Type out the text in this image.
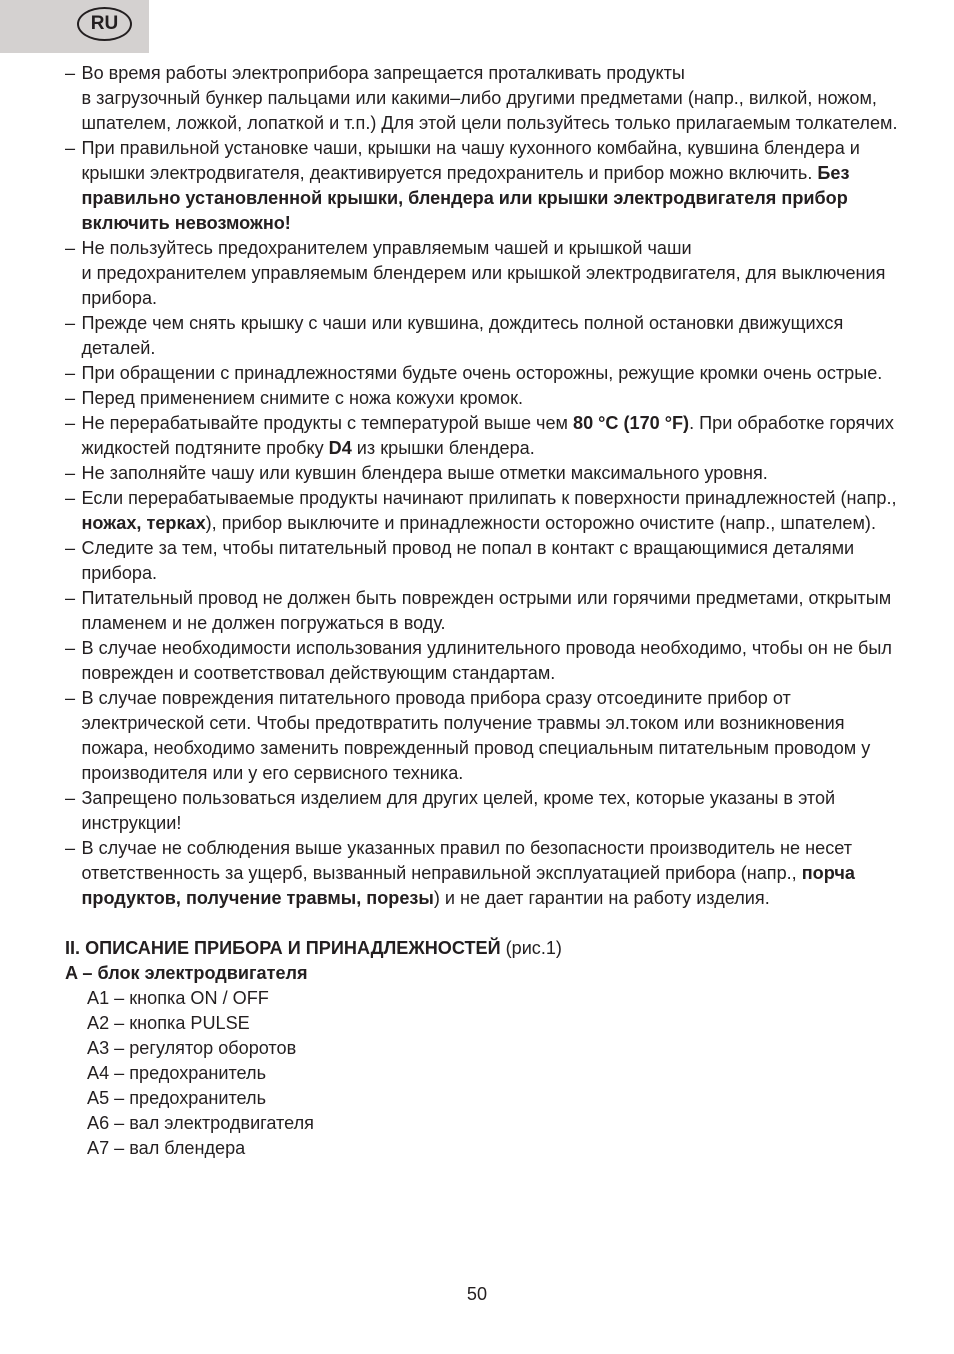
RU
– Во время работы электроприбора запрещается проталкивать продукты
в загрузочный бункер пальцами или какими–либо другими предметами (напр., вилкой, ножом, шпателем, ложкой, лопаткой и т.п.) Для этой цели пользуйтесь только прилагаемым толкателем.
– При правильной установке чаши, крышки на чашу кухонного комбайна, кувшина блендера и крышки электродвигателя, деактивируется предохранитель и прибор можно включить. Без правильно установленной крышки, блендера или крышки электродвигателя прибор включить невозможно!
– Не пользуйтесь предохранителем управляемым чашей и крышкой чаши
и предохранителем управляемым блендерем или крышкой электродвигателя, для выключения прибора.
– Прежде чем снять крышку с чаши или кувшина, дождитесь полной остановки движущихся деталей.
– При обращении с принадлежностями будьте очень осторожны, режущие кромки очень острые.
– Перед применением снимите с ножа кожухи кромок.
– Не перерабатывайте продукты с температурой выше чем 80 °C (170 °F). При обработке горячих жидкостей подтяните пробку D4 из крышки блендера.
– Не заполняйте чашу или кувшин блендера выше отметки максимального уровня.
– Если перерабатываемые продукты начинают прилипать к поверхности принадлежностей (напр., ножах, терках), прибор выключите и принадлежности осторожно очистите (напр., шпателем).
– Следите за тем, чтобы питательный провод не попал в контакт с вращающимися деталями прибора.
– Питательный провод не должен быть поврежден острыми или горячими предметами, открытым пламенем и не должен погружаться в воду.
– В случае необходимости использования удлинительного провода необходимо, чтобы он не был поврежден и соответствовал действующим стандартам.
– В случае повреждения питательного провода прибора сразу отсоедините прибор от электрической сети. Чтобы предотвратить получение травмы эл.током или возникновения пожара, необходимо заменить поврежденный провод специальным питательным проводом у производителя или у его сервисного техника.
– Запрещено пользоваться изделием для других целей, кроме тех, которые указаны в этой инструкции!
– В случае не соблюдения выше указанных правил по безопасности производитель не несет ответственность за ущерб, вызванный неправильной эксплуатацией прибора (напр., порча продуктов, получение травмы, порезы) и не дает гарантии на работу изделия.
II. ОПИСАНИЕ ПРИБОРА И ПРИНАДЛЕЖНОСТЕЙ (рис.1)
A – блок электродвигателя
A1 – кнопка ON / OFF
A2 – кнопка PULSE
A3 – регулятор оборотов
A4 – предохранитель
A5 – предохранитель
A6 – вал электродвигателя
A7 – вал блендера
50
